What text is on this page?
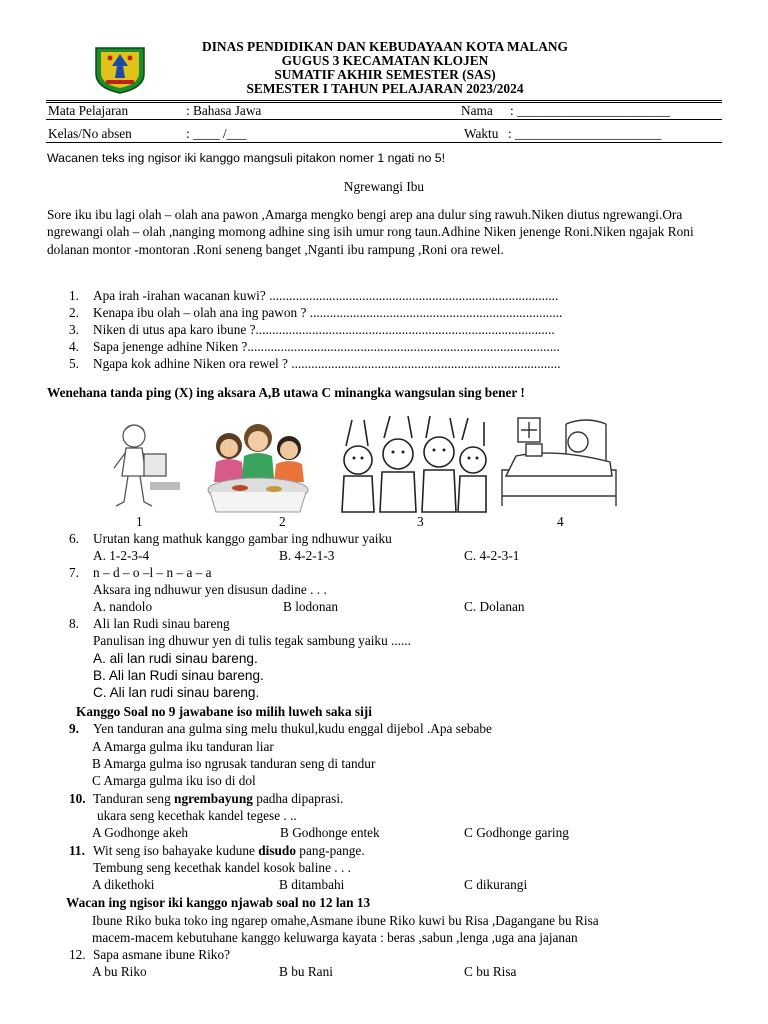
DINAS PENDIDIKAN DAN KEBUDAYAAN KOTA MALANG
GUGUS 3 KECAMATAN KLOJEN
SUMATIF AKHIR SEMESTER (SAS)
SEMESTER I TAHUN PELAJARAN 2023/2024
Mata Pelajaran	: Bahasa Jawa	Nama : _______________________
Kelas/No absen	: ____ /___	Waktu : ______________________
Wacanen teks ing ngisor iki kanggo mangsuli pitakon nomer 1 ngati no 5!
Ngrewangi Ibu
Sore iku ibu lagi olah – olah ana pawon ,Amarga mengko bengi arep ana dulur sing rawuh.Niken diutus ngrewangi.Ora ngrewangi olah – olah ,nanging momong adhine sing isih umur rong taun.Adhine Niken jenenge Roni.Niken ngajak Roni dolanan montor -montoran .Roni seneng banget ,Nganti ibu rampung ,Roni ora rewel.
1. Apa irah -irahan wacanan kuwi? .......................................................................................
2. Kenapa ibu olah – olah ana ing pawon ? ............................................................................
3. Niken di utus apa karo ibune ?..........................................................................................
4. Sapa jenenge adhine Niken ?..............................................................................................
5. Ngapa kok adhine Niken ora rewel ? .................................................................................
Wenehana tanda ping (X) ing aksara A,B utawa C minangka wangsulan sing bener !
1	2	3	4
6. Urutan kang mathuk kanggo gambar ing ndhuwur yaiku
A. 1-2-3-4	B. 4-2-1-3	C. 4-2-3-1
7. n – d – o –l – n – a – a
Aksara ing ndhuwur yen disusun dadine . . .
A. nandolo	B lodonan	C. Dolanan
8. Ali lan Rudi sinau bareng
Panulisan ing dhuwur yen di tulis tegak sambung yaiku ......
A. ali lan rudi sinau bareng.
B. Ali lan Rudi sinau bareng.
C. Ali lan rudi sinau bareng.
Kanggo Soal no 9 jawabane iso milih luweh saka siji
9. Yen tanduran ana gulma sing melu thukul,kudu enggal dijebol .Apa sebabe
A Amarga gulma iku tanduran liar
B Amarga gulma iso ngrusak tanduran seng di tandur
C Amarga gulma iku iso di dol
10. Tanduran seng ngrembayung padha dipaprasi.
ukara seng kecethak kandel tegese . ..
A Godhonge akeh	B Godhonge entek	C Godhonge garing
11. Wit seng iso bahayake kudune disudo pang-pange.
Tembung seng kecethak kandel kosok baline . . .
A dikethoki	B ditambahi	C dikurangi
Wacan ing ngisor iki kanggo njawab soal no 12 lan 13
Ibune Riko buka toko ing ngarep omahe,Asmane ibune Riko kuwi bu Risa ,Dagangane bu Risa
macem-macem kebutuhane kanggo keluwarga kayata : beras ,sabun ,lenga ,uga ana jajanan
12. Sapa asmane ibune Riko?
A bu Riko	B bu Rani	C bu Risa
